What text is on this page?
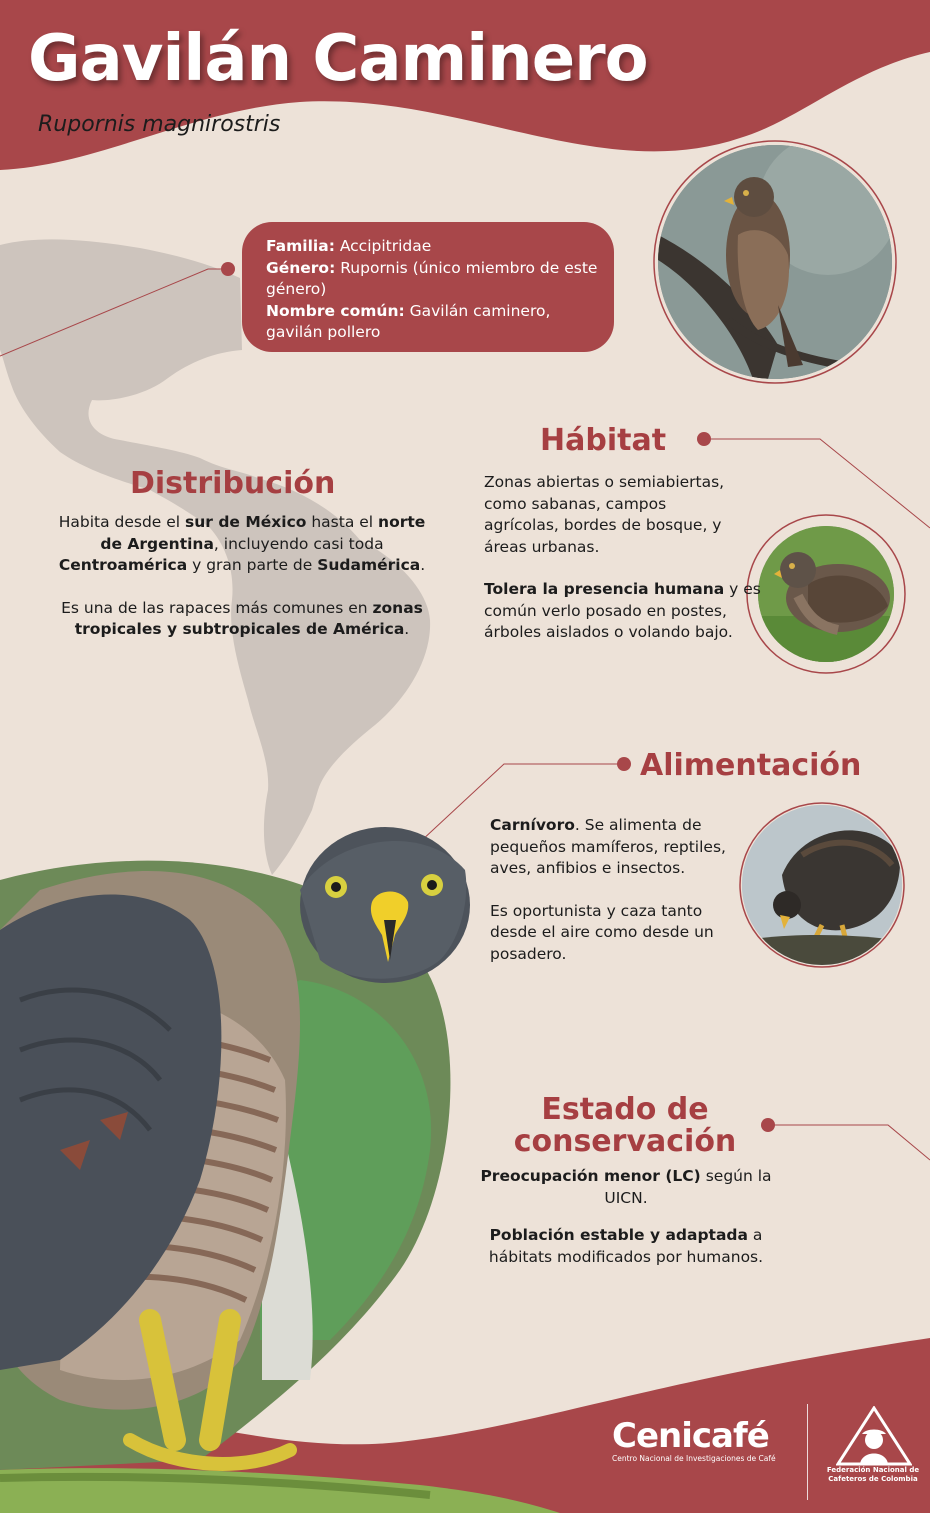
Gavilán Caminero
Rupornis magnirostris
Familia: Accipitridae
Género: Rupornis (único miembro de este género)
Nombre común: Gavilán caminero, gavilán pollero
Distribución

Habita desde el sur de México hasta el norte de Argentina, incluyendo casi toda Centroamérica y gran parte de Sudamérica.

Es una de las rapaces más comunes en zonas tropicales y subtropicales de América.

Hábitat

Zonas abiertas o semiabiertas, como sabanas, campos agrícolas, bordes de bosque, y áreas urbanas.

Tolera la presencia humana y es común verlo posado en postes, árboles aislados o volando bajo.

Alimentación

Carnívoro. Se alimenta de pequeños mamíferos, reptiles, aves, anfibios e insectos.

Es oportunista y caza tanto desde el aire como desde un posadero.

Estado de
conservación

Preocupación menor (LC) según la UICN.

Población estable y adaptada a hábitats modificados por humanos.

Cenicafé
Centro Nacional de Investigaciones de Café
Federación Nacional de Cafeteros de Colombia
